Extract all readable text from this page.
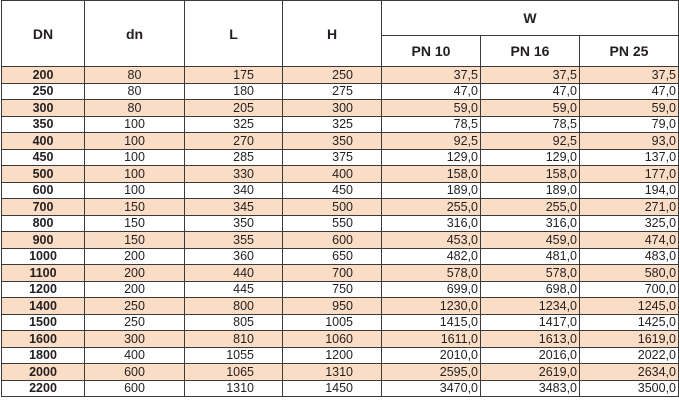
DN	dn	L	H	W		
				PN 10	PN 16	PN 25
200	80	175	250	37,5	37,5	37,5
250	80	180	275	47,0	47,0	47,0
300	80	205	300	59,0	59,0	59,0
350	100	325	325	78,5	78,5	79,0
400	100	270	350	92,5	92,5	93,0
450	100	285	375	129,0	129,0	137,0
500	100	330	400	158,0	158,0	177,0
600	100	340	450	189,0	189,0	194,0
700	150	345	500	255,0	255,0	271,0
800	150	350	550	316,0	316,0	325,0
900	150	355	600	453,0	459,0	474,0
1000	200	360	650	482,0	481,0	483,0
1100	200	440	700	578,0	578,0	580,0
1200	200	445	750	699,0	698,0	700,0
1400	250	800	950	1230,0	1234,0	1245,0
1500	250	805	1005	1415,0	1417,0	1425,0
1600	300	810	1060	1611,0	1613,0	1619,0
1800	400	1055	1200	2010,0	2016,0	2022,0
2000	600	1065	1310	2595,0	2619,0	2634,0
2200	600	1310	1450	3470,0	3483,0	3500,0
